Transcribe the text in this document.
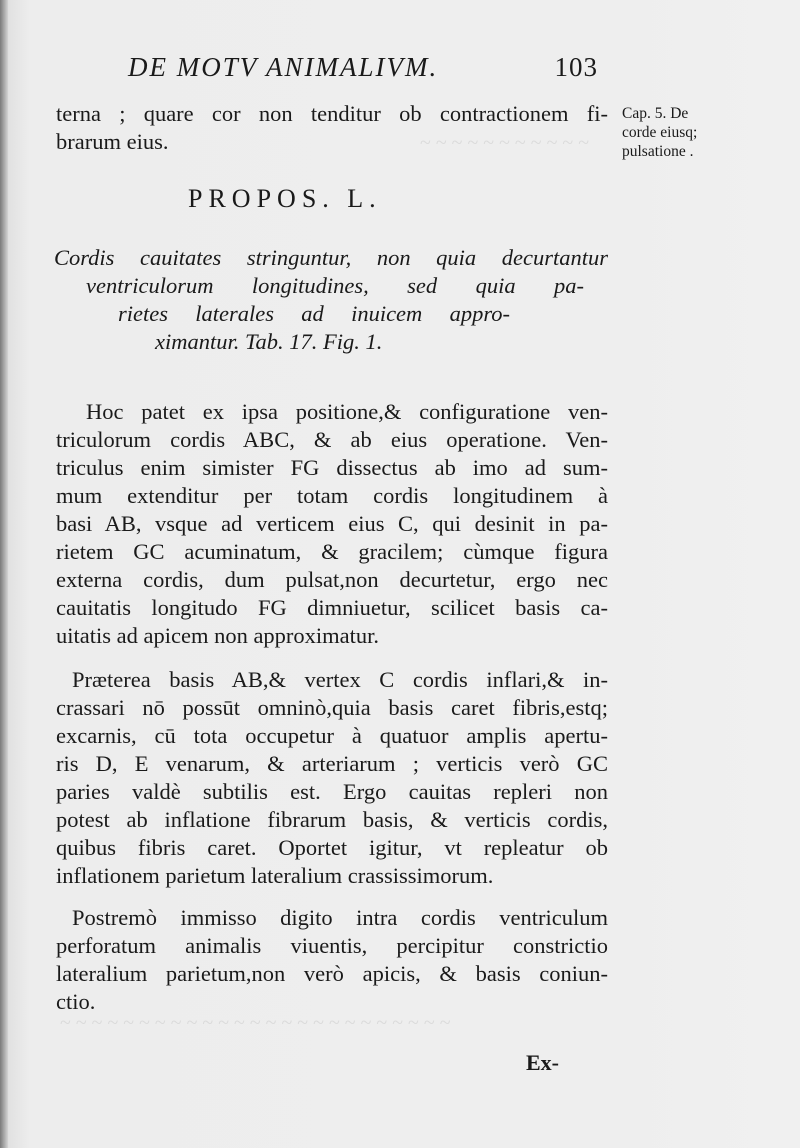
~ ~ ~ ~ ~ ~ ~ ~ ~ ~ ~
~ ~ ~ ~ ~ ~ ~ ~ ~ ~ ~ ~ ~ ~ ~ ~ ~ ~ ~ ~ ~ ~ ~ ~ ~
DE MOTV ANIMALIVM.	103
Cap. 5. De
corde eiusq;
pulsatione .
terna ; quare cor non tenditur ob contractionem fi-
brarum eius.
PROPOS. L.
Cordis cauitates stringuntur, non quia decurtantur
ventriculorum longitudines, sed quia pa-
rietes laterales ad inuicem appro-
ximantur. Tab. 17. Fig. 1.
Hoc patet ex ipsa positione,& configuratione ven-
triculorum cordis ABC, & ab eius operatione. Ven-
triculus enim simister FG dissectus ab imo ad sum-
mum extenditur per totam cordis longitudinem à
basi AB, vsque ad verticem eius C, qui desinit in pa-
rietem GC acuminatum, & gracilem; cùmque figura
externa cordis, dum pulsat,non decurtetur, ergo nec
cauitatis longitudo FG dimniuetur, scilicet basis ca-
uitatis ad apicem non approximatur.
Præterea basis AB,& vertex C cordis inflari,& in-
crassari nō possūt omninò,quia basis caret fibris,estq;
excarnis, cū tota occupetur à quatuor amplis apertu-
ris D, E venarum, & arteriarum ; verticis verò GC
paries valdè subtilis est. Ergo cauitas repleri non
potest ab inflatione fibrarum basis, & verticis cordis,
quibus fibris caret. Oportet igitur, vt repleatur ob
inflationem parietum lateralium crassissimorum.
Postremò immisso digito intra cordis ventriculum
perforatum animalis viuentis, percipitur constrictio
lateralium parietum,non verò apicis, & basis coniun-
ctio.
Ex-
